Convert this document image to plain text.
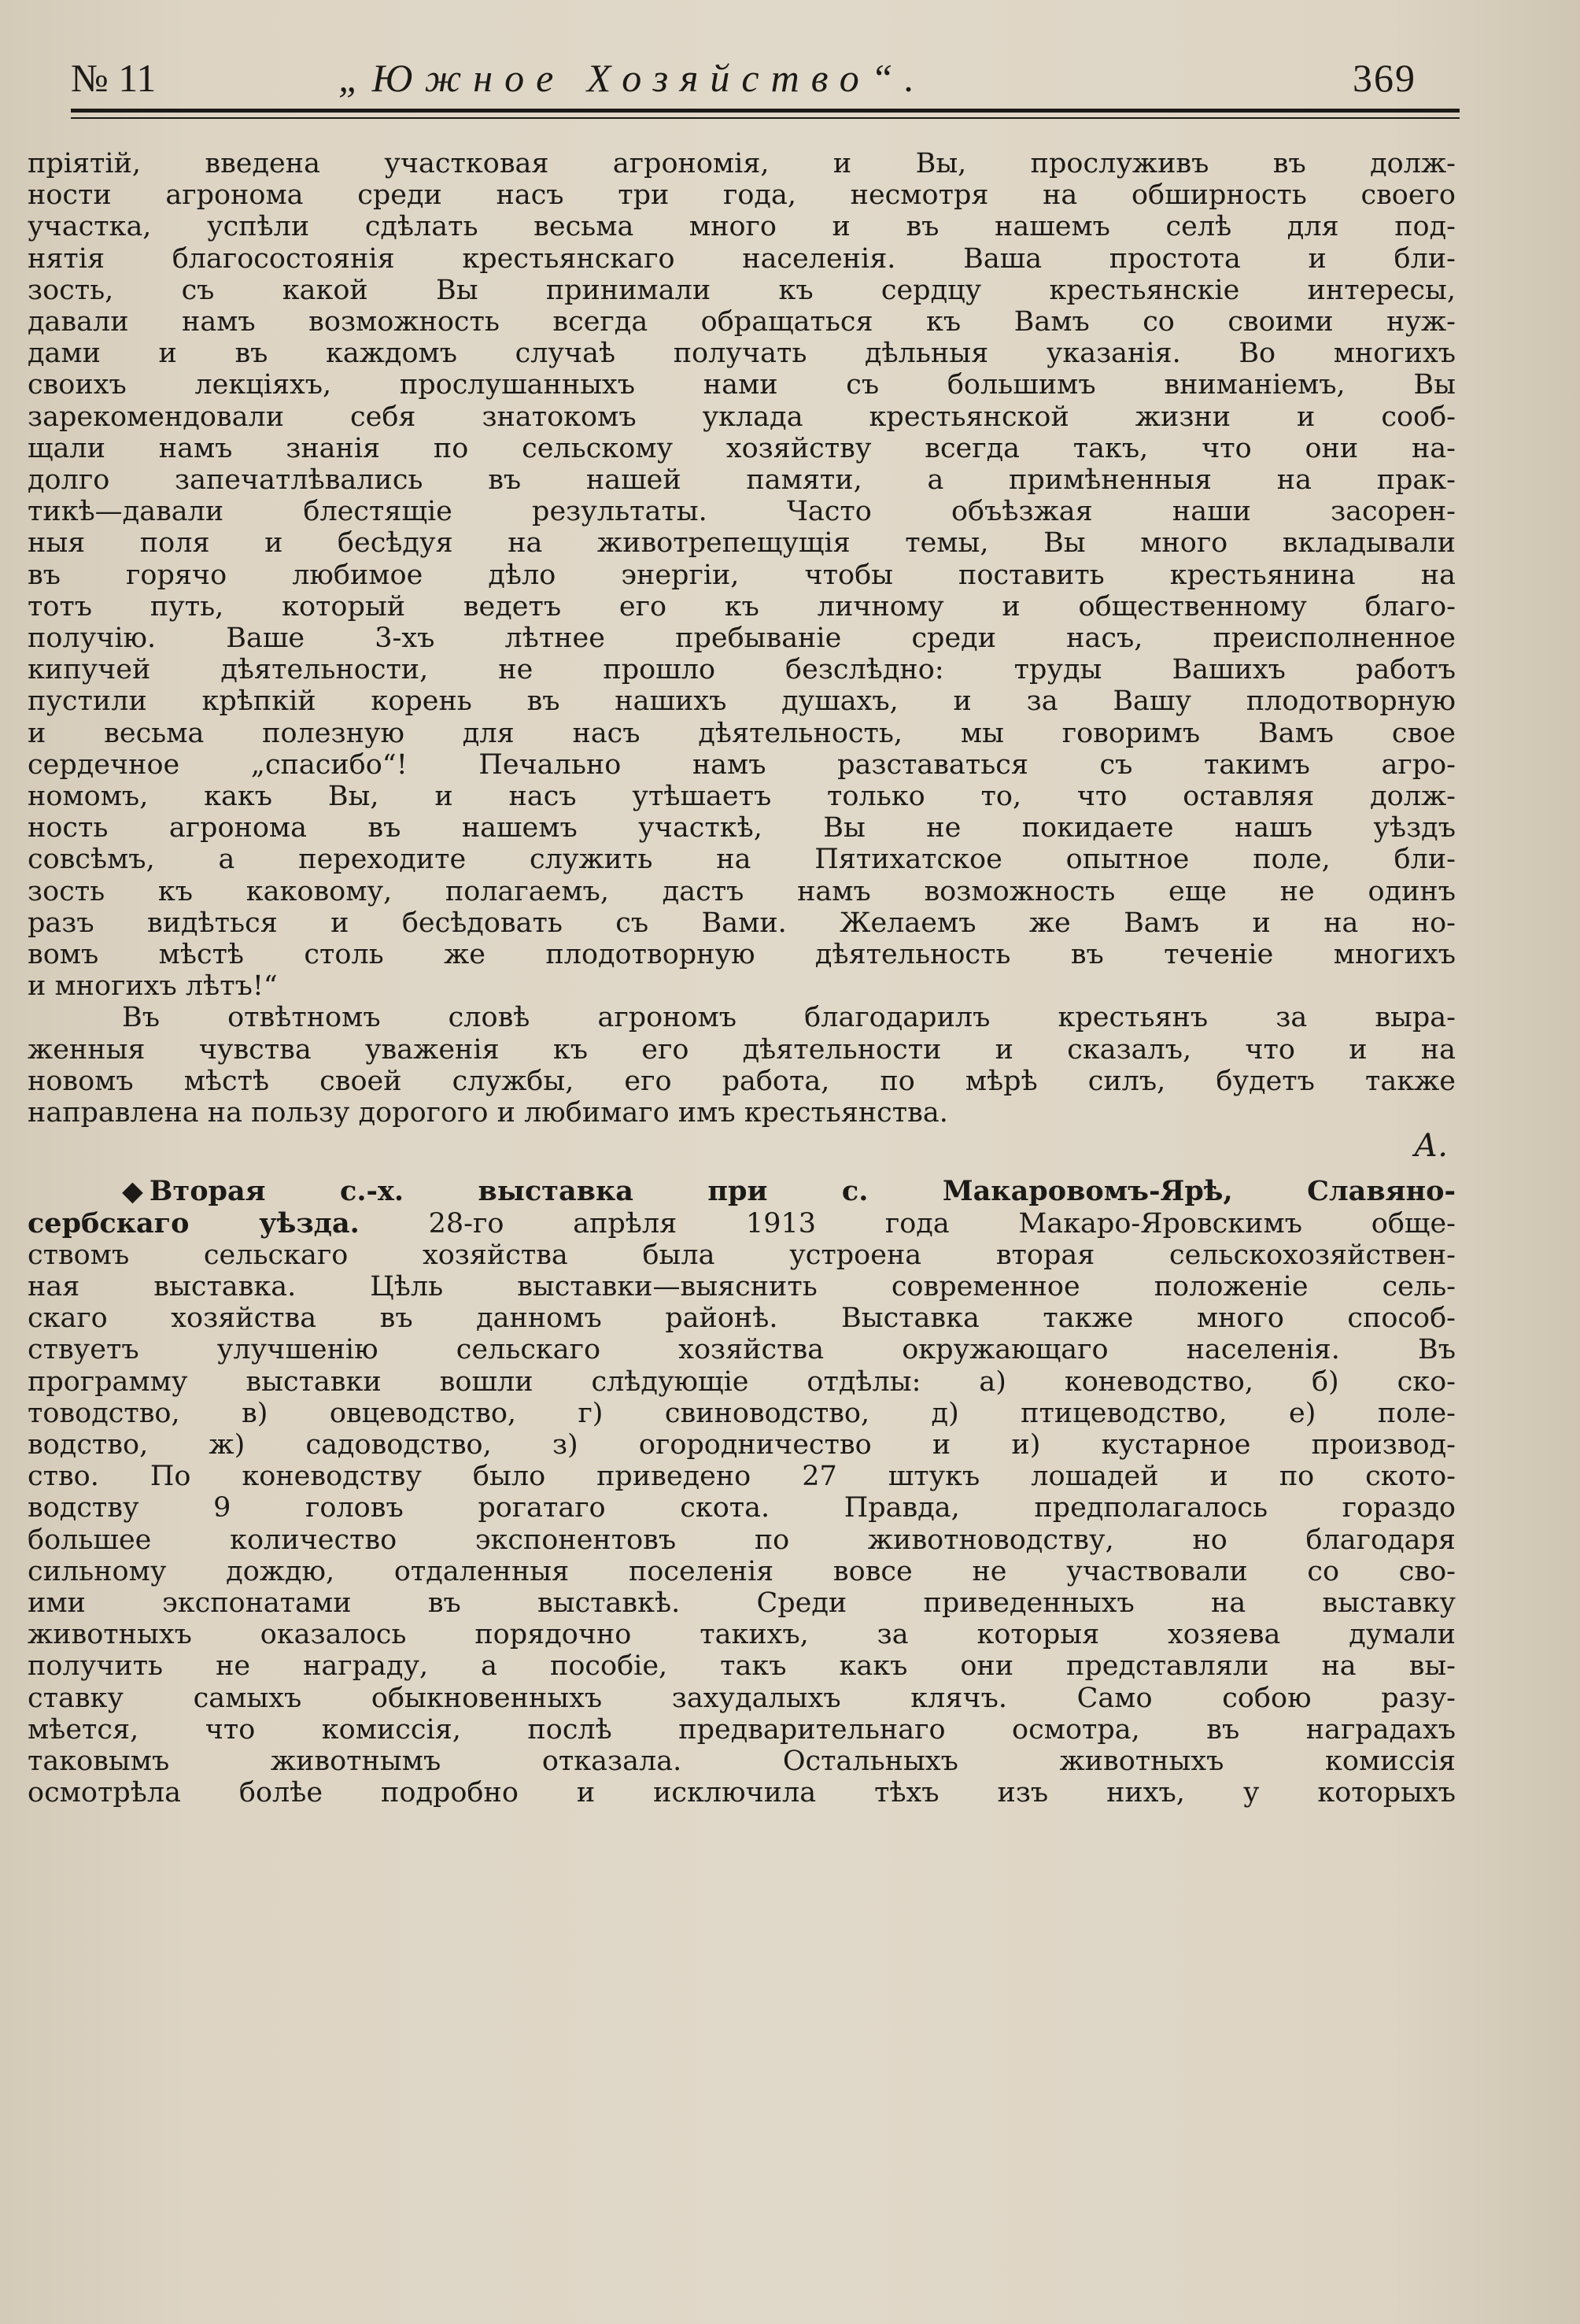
№ 11	„Южное Хозяйство“.	369
пріятій, введена участковая агрономія, и Вы, прослуживъ въ долж-
ности агронома среди насъ три года, несмотря на обширность своего
участка, успѣли сдѣлать весьма много и въ нашемъ селѣ для под-
нятія благосостоянія крестьянскаго населенія. Ваша простота и бли-
зость, съ какой Вы принимали къ сердцу крестьянскіе интересы,
давали намъ возможность всегда обращаться къ Вамъ со своими нуж-
дами и въ каждомъ случаѣ получать дѣльныя указанія. Во многихъ
своихъ лекціяхъ, прослушанныхъ нами съ большимъ вниманіемъ, Вы
зарекомендовали себя знатокомъ уклада крестьянской жизни и сооб-
щали намъ знанія по сельскому хозяйству всегда такъ, что они на-
долго запечатлѣвались въ нашей памяти, а примѣненныя на прак-
тикѣ—давали блестящіе результаты. Часто объѣзжая наши засорен-
ныя поля и бесѣдуя на животрепещущія темы, Вы много вкладывали
въ горячо любимое дѣло энергіи, чтобы поставить крестьянина на
тотъ путь, который ведетъ его къ личному и общественному благо-
получію. Ваше 3-хъ лѣтнее пребываніе среди насъ, преисполненное
кипучей дѣятельности, не прошло безслѣдно: труды Вашихъ работъ
пустили крѣпкій корень въ нашихъ душахъ, и за Вашу плодотворную
и весьма полезную для насъ дѣятельность, мы говоримъ Вамъ свое
сердечное „спасибо“! Печально намъ разставаться съ такимъ агро-
номомъ, какъ Вы, и насъ утѣшаетъ только то, что оставляя долж-
ность агронома въ нашемъ участкѣ, Вы не покидаете нашъ уѣздъ
совсѣмъ, а переходите служить на Пятихатское опытное поле, бли-
зость къ каковому, полагаемъ, дастъ намъ возможность еще не одинъ
разъ видѣться и бесѣдовать съ Вами. Желаемъ же Вамъ и на но-
вомъ мѣстѣ столь же плодотворную дѣятельность въ теченіе многихъ
и многихъ лѣтъ!“
Въ отвѣтномъ словѣ агрономъ благодарилъ крестьянъ за выра-
женныя чувства уваженія къ его дѣятельности и сказалъ, что и на
новомъ мѣстѣ своей службы, его работа, по мѣрѣ силъ, будетъ также
направлена на пользу дорогого и любимаго имъ крестьянства.
А.
◆ Вторая с.-х. выставка при с. Макаровомъ-Ярѣ, Славяно-
сербскаго уѣзда.	28-го апрѣля 1913 года Макаро-Яровскимъ обще-
ствомъ сельскаго хозяйства была устроена вторая сельскохозяйствен-
ная выставка. Цѣль выставки—выяснить современное положеніе сель-
скаго хозяйства въ данномъ районѣ. Выставка также много способ-
ствуетъ улучшенію сельскаго хозяйства окружающаго населенія. Въ
программу выставки вошли слѣдующіе отдѣлы: а) коневодство, б) ско-
товодство, в) овцеводство, г) свиноводство, д) птицеводство, е) поле-
водство, ж) садоводство, з) огородничество и и) кустарное производ-
ство. По коневодству было приведено 27 штукъ лошадей и по ското-
водству 9 головъ рогатаго скота. Правда, предполагалось гораздо
большее количество экспонентовъ по животноводству, но благодаря
сильному дождю, отдаленныя поселенія вовсе не участвовали со сво-
ими экспонатами въ выставкѣ. Среди приведенныхъ на выставку
животныхъ оказалось порядочно такихъ, за которыя хозяева думали
получить не награду, а пособіе, такъ какъ они представляли на вы-
ставку самыхъ обыкновенныхъ захудалыхъ клячъ. Само собою разу-
мѣется, что комиссія, послѣ предварительнаго осмотра, въ наградахъ
таковымъ животнымъ отказала. Остальныхъ животныхъ комиссія
осмотрѣла болѣе подробно и исключила тѣхъ изъ нихъ, у которыхъ
